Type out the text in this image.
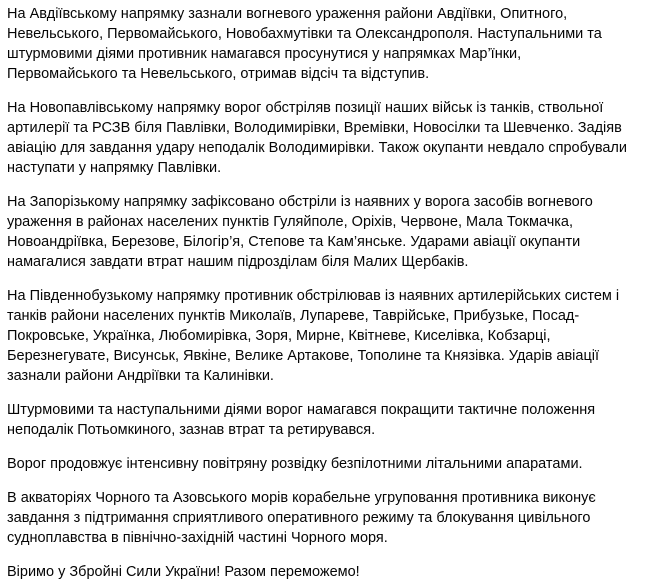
На Авдіївському напрямку зазнали вогневого ураження райони Авдіївки, Опитного,
Невельського, Первомайського, Новобахмутівки та Олександрополя. Наступальними та
штурмовими діями противник намагався просунутися у напрямках Мар’їнки,
Первомайського та Невельського, отримав відсіч та відступив.

На Новопавлівському напрямку ворог обстріляв позиції наших військ із танків, ствольної
артилерії та РСЗВ біля Павлівки, Володимирівки, Времівки, Новосілки та Шевченко. Задіяв
авіацію для завдання удару неподалік Володимирівки. Також окупанти невдало спробували
наступати у напрямку Павлівки.

На Запорізькому напрямку зафіксовано обстріли із наявних у ворога засобів вогневого
ураження в районах населених пунктів Гуляйполе, Оріхів, Червоне, Мала Токмачка,
Новоандріївка, Березове, Білогір’я, Степове та Кам’янське. Ударами авіації окупанти
намагалися завдати втрат нашим підрозділам біля Малих Щербаків.

На Південнобузькому напрямку противник обстрілював із наявних артилерійських систем і
танків райони населених пунктів Миколаїв, Лупареве, Таврійське, Прибузьке, Посад-
Покровське, Українка, Любомирівка, Зоря, Мирне, Квітневе, Киселівка, Кобзарці,
Березнегувате, Висунськ, Явкіне, Велике Артакове, Тополине та Князівка. Ударів авіації
зазнали райони Андріївки та Калинівки.

Штурмовими та наступальними діями ворог намагався покращити тактичне положення
неподалік Потьомкиного, зазнав втрат та ретирувався.

Ворог продовжує інтенсивну повітряну розвідку безпілотними літальними апаратами.

В акваторіях Чорного та Азовського морів корабельне угруповання противника виконує
завдання з підтримання сприятливого оперативного режиму та блокування цивільного
судноплавства в північно-західній частині Чорного моря.

Віримо у Збройні Сили України! Разом переможемо!
